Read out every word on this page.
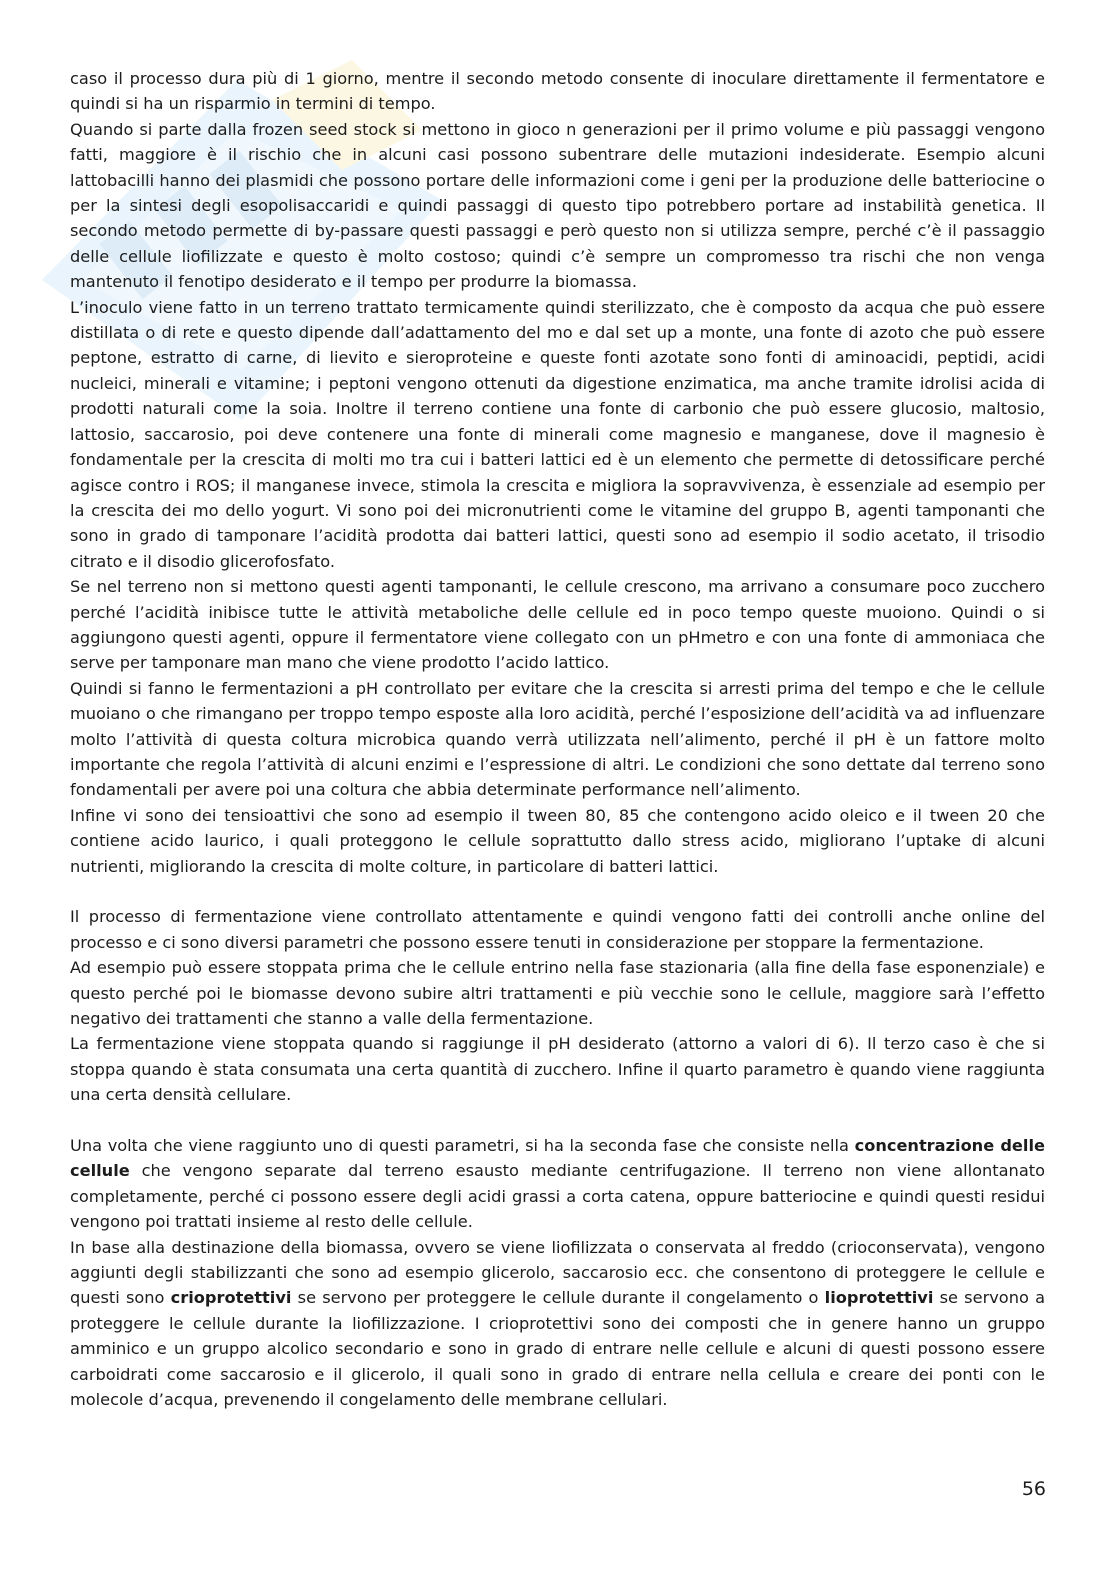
caso il processo dura più di 1 giorno, mentre il secondo metodo consente di inoculare direttamente il fermentatore e quindi si ha un risparmio in termini di tempo.

Quando si parte dalla frozen seed stock si mettono in gioco n generazioni per il primo volume e più passaggi vengono fatti, maggiore è il rischio che in alcuni casi possono subentrare delle mutazioni indesiderate. Esempio alcuni lattobacilli hanno dei plasmidi che possono portare delle informazioni come i geni per la produzione delle batteriocine o per la sintesi degli esopolisaccaridi e quindi passaggi di questo tipo potrebbero portare ad instabilità genetica. Il secondo metodo permette di by-passare questi passaggi e però questo non si utilizza sempre, perché c’è il passaggio delle cellule liofilizzate e questo è molto costoso; quindi c’è sempre un compromesso tra rischi che non venga mantenuto il fenotipo desiderato e il tempo per produrre la biomassa.

L’inoculo viene fatto in un terreno trattato termicamente quindi sterilizzato, che è composto da acqua che può essere distillata o di rete e questo dipende dall’adattamento del mo e dal set up a monte, una fonte di azoto che può essere peptone, estratto di carne, di lievito e sieroproteine e queste fonti azotate sono fonti di aminoacidi, peptidi, acidi nucleici, minerali e vitamine; i peptoni vengono ottenuti da digestione enzimatica, ma anche tramite idrolisi acida di prodotti naturali come la soia. Inoltre il terreno contiene una fonte di carbonio che può essere glucosio, maltosio, lattosio, saccarosio, poi deve contenere una fonte di minerali come magnesio e manganese, dove il magnesio è fondamentale per la crescita di molti mo tra cui i batteri lattici ed è un elemento che permette di detossificare perché agisce contro i ROS; il manganese invece, stimola la crescita e migliora la sopravvivenza, è essenziale ad esempio per la crescita dei mo dello yogurt. Vi sono poi dei micronutrienti come le vitamine del gruppo B, agenti tamponanti che sono in grado di tamponare l’acidità prodotta dai batteri lattici, questi sono ad esempio il sodio acetato, il trisodio citrato e il disodio glicerofosfato.

Se nel terreno non si mettono questi agenti tamponanti, le cellule crescono, ma arrivano a consumare poco zucchero perché l’acidità inibisce tutte le attività metaboliche delle cellule ed in poco tempo queste muoiono. Quindi o si aggiungono questi agenti, oppure il fermentatore viene collegato con un pHmetro e con una fonte di ammoniaca che serve per tamponare man mano che viene prodotto l’acido lattico.

Quindi si fanno le fermentazioni a pH controllato per evitare che la crescita si arresti prima del tempo e che le cellule muoiano o che rimangano per troppo tempo esposte alla loro acidità, perché l’esposizione dell’acidità va ad influenzare molto l’attività di questa coltura microbica quando verrà utilizzata nell’alimento, perché il pH è un fattore molto importante che regola l’attività di alcuni enzimi e l’espressione di altri. Le condizioni che sono dettate dal terreno sono fondamentali per avere poi una coltura che abbia determinate performance nell’alimento.

Infine vi sono dei tensioattivi che sono ad esempio il tween 80, 85 che contengono acido oleico e il tween 20 che contiene acido laurico, i quali proteggono le cellule soprattutto dallo stress acido, migliorano l’uptake di alcuni nutrienti, migliorando la crescita di molte colture, in particolare di batteri lattici.

Il processo di fermentazione viene controllato attentamente e quindi vengono fatti dei controlli anche online del processo e ci sono diversi parametri che possono essere tenuti in considerazione per stoppare la fermentazione.

Ad esempio può essere stoppata prima che le cellule entrino nella fase stazionaria (alla fine della fase esponenziale) e questo perché poi le biomasse devono subire altri trattamenti e più vecchie sono le cellule, maggiore sarà l’effetto negativo dei trattamenti che stanno a valle della fermentazione.

La fermentazione viene stoppata quando si raggiunge il pH desiderato (attorno a valori di 6). Il terzo caso è che si stoppa quando è stata consumata una certa quantità di zucchero. Infine il quarto parametro è quando viene raggiunta una certa densità cellulare.

Una volta che viene raggiunto uno di questi parametri, si ha la seconda fase che consiste nella concentrazione delle cellule che vengono separate dal terreno esausto mediante centrifugazione. Il terreno non viene allontanato completamente, perché ci possono essere degli acidi grassi a corta catena, oppure batteriocine e quindi questi residui vengono poi trattati insieme al resto delle cellule.

In base alla destinazione della biomassa, ovvero se viene liofilizzata o conservata al freddo (crioconservata), vengono aggiunti degli stabilizzanti che sono ad esempio glicerolo, saccarosio ecc. che consentono di proteggere le cellule e questi sono crioprotettivi se servono per proteggere le cellule durante il congelamento o lioprotettivi se servono a proteggere le cellule durante la liofilizzazione. I crioprotettivi sono dei composti che in genere hanno un gruppo amminico e un gruppo alcolico secondario e sono in grado di entrare nelle cellule e alcuni di questi possono essere carboidrati come saccarosio e il glicerolo, il quali sono in grado di entrare nella cellula e creare dei ponti con le molecole d’acqua, prevenendo il congelamento delle membrane cellulari.

56
